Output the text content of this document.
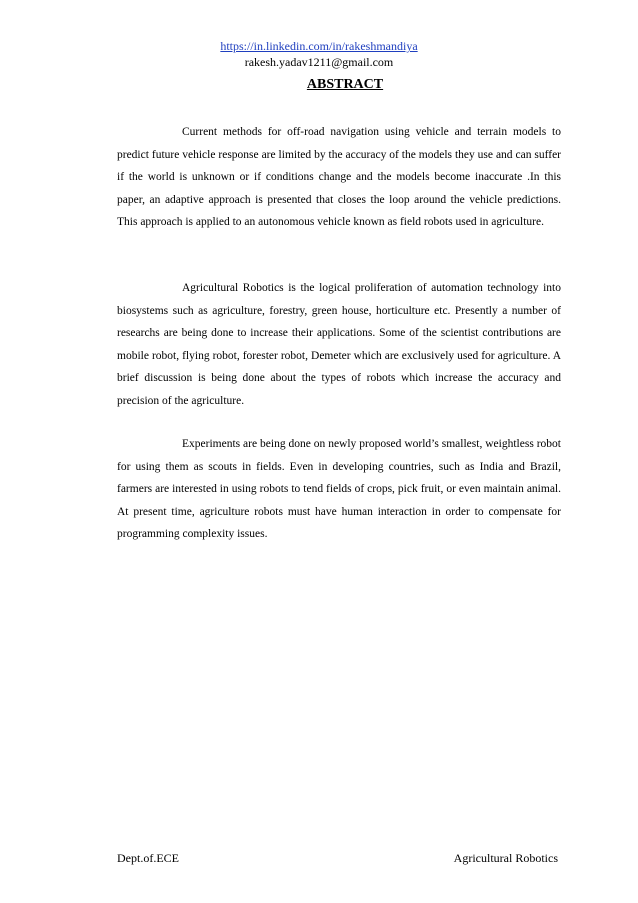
https://in.linkedin.com/in/rakeshmandiya
rakesh.yadav1211@gmail.com
ABSTRACT

Current methods for off-road navigation using vehicle and terrain models to predict future vehicle response are limited by the accuracy of the models they use and can suffer if the world is unknown or if conditions change and the models become inaccurate .In this paper, an adaptive approach is presented that closes the loop around the vehicle predictions. This approach is applied to an autonomous vehicle known as field robots used in agriculture.

Agricultural Robotics is the logical proliferation of automation technology into biosystems such as agriculture, forestry, green house, horticulture etc. Presently a number of researchs are being done to increase their applications. Some of the scientist contributions are mobile robot, flying robot, forester robot, Demeter which are exclusively used for agriculture. A brief discussion is being done about the types of robots which increase the accuracy and precision of the agriculture.

Experiments are being done on newly proposed world’s smallest, weightless robot for using them as scouts in fields. Even in developing countries, such as India and Brazil, farmers are interested in using robots to tend fields of crops, pick fruit, or even maintain animal. At present time, agriculture robots must have human interaction in order to compensate for programming complexity issues.

Dept.of.ECE	Agricultural Robotics
